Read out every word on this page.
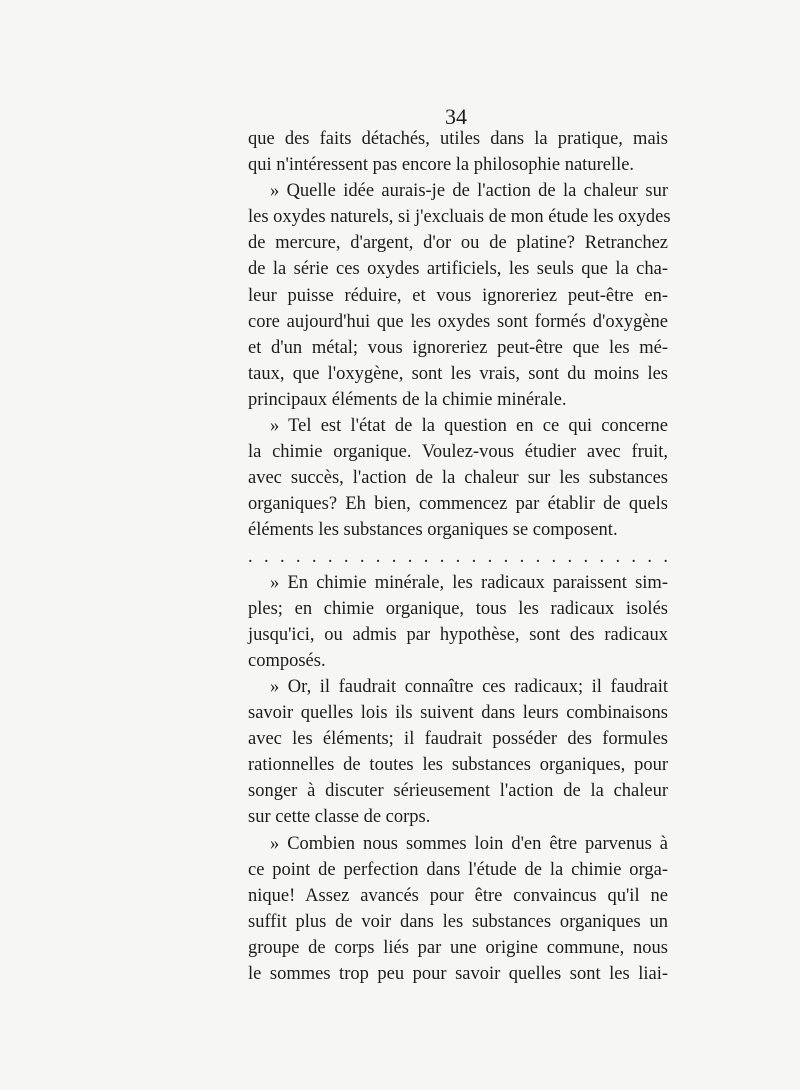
34
que des faits détachés, utiles dans la pratique, mais
qui n'intéressent pas encore la philosophie naturelle.
» Quelle idée aurais-je de l'action de la chaleur sur
les oxydes naturels, si j'excluais de mon étude les oxydes
de mercure, d'argent, d'or ou de platine? Retranchez
de la série ces oxydes artificiels, les seuls que la cha-
leur puisse réduire, et vous ignoreriez peut-être en-
core aujourd'hui que les oxydes sont formés d'oxygène
et d'un métal; vous ignoreriez peut-être que les mé-
taux, que l'oxygène, sont les vrais, sont du moins les
principaux éléments de la chimie minérale.
» Tel est l'état de la question en ce qui concerne
la chimie organique. Voulez-vous étudier avec fruit,
avec succès, l'action de la chaleur sur les substances
organiques? Eh bien, commencez par établir de quels
éléments les substances organiques se composent.
. . . . . . . . . . . . . . . . . . . . . . . . . . .
» En chimie minérale, les radicaux paraissent sim-
ples; en chimie organique, tous les radicaux isolés
jusqu'ici, ou admis par hypothèse, sont des radicaux
composés.
» Or, il faudrait connaître ces radicaux; il faudrait
savoir quelles lois ils suivent dans leurs combinaisons
avec les éléments; il faudrait posséder des formules
rationnelles de toutes les substances organiques, pour
songer à discuter sérieusement l'action de la chaleur
sur cette classe de corps.
» Combien nous sommes loin d'en être parvenus à
ce point de perfection dans l'étude de la chimie orga-
nique! Assez avancés pour être convaincus qu'il ne
suffit plus de voir dans les substances organiques un
groupe de corps liés par une origine commune, nous
le sommes trop peu pour savoir quelles sont les liai-
